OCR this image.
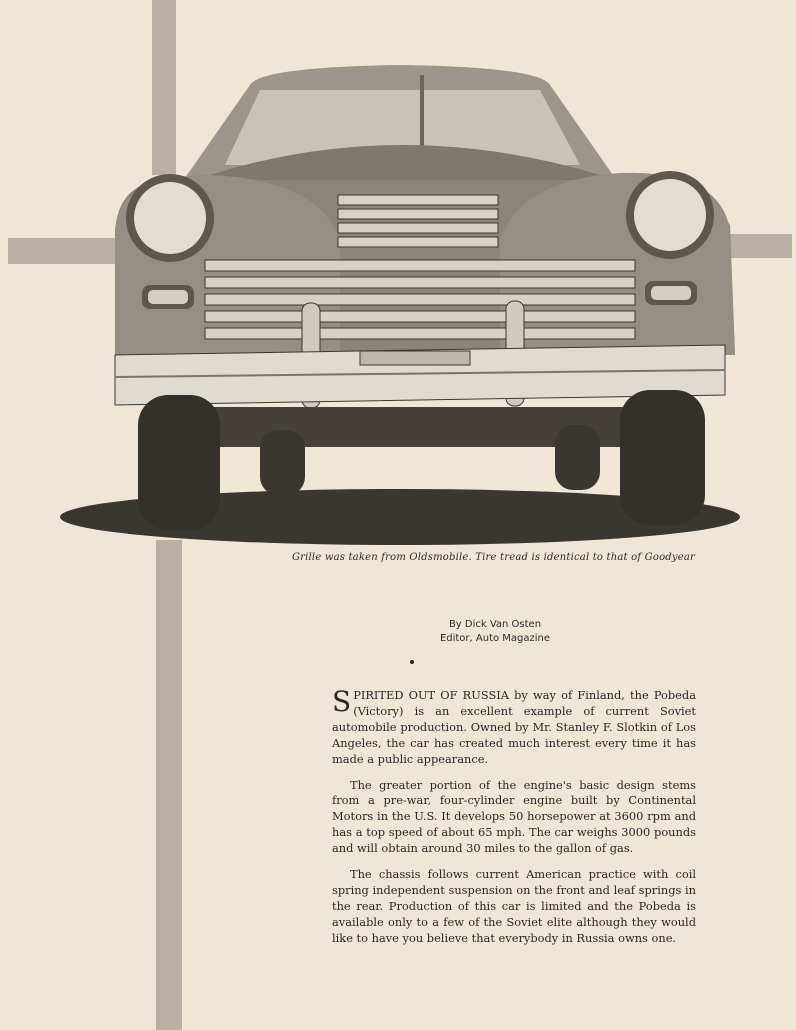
Grille was taken from Oldsmobile. Tire tread is identical to that of Goodyear
By Dick Van Osten
Editor, Auto Magazine

SPIRITED OUT OF RUSSIA by way of Finland, the Pobeda (Victory) is an excellent example of current Soviet automobile production. Owned by Mr. Stanley F. Slotkin of Los Angeles, the car has created much interest every time it has made a public appearance.

The greater portion of the engine's basic design stems from a pre-war, four-cylinder engine built by Continental Motors in the U.S. It develops 50 horsepower at 3600 rpm and has a top speed of about 65 mph. The car weighs 3000 pounds and will obtain around 30 miles to the gallon of gas.

The chassis follows current American practice with coil spring independent suspension on the front and leaf springs in the rear. Production of this car is limited and the Pobeda is available only to a few of the Soviet elite although they would like to have you believe that everybody in Russia owns one.
